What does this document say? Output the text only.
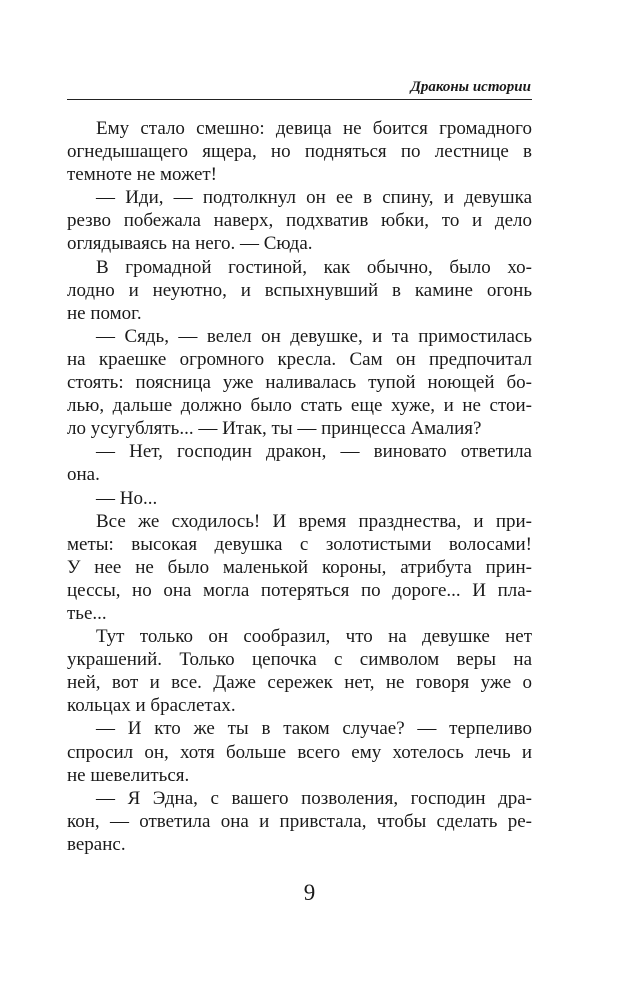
Драконы истории
Ему стало смешно: девица не боится громадного
огнедышащего ящера, но подняться по лестнице в
темноте не может!
— Иди, — подтолкнул он ее в спину, и девушка
резво побежала наверх, подхватив юбки, то и дело
оглядываясь на него. — Сюда.
В громадной гостиной, как обычно, было хо-
лодно и неуютно, и вспыхнувший в камине огонь
не помог.
— Сядь, — велел он девушке, и та примостилась
на краешке огромного кресла. Сам он предпочитал
стоять: поясница уже наливалась тупой ноющей бо-
лью, дальше должно было стать еще хуже, и не стои-
ло усугублять... — Итак, ты — принцесса Амалия?
— Нет, господин дракон, — виновато ответила
она.
— Но...
Все же сходилось! И время празднества, и при-
меты: высокая девушка с золотистыми волосами!
У нее не было маленькой короны, атрибута прин-
цессы, но она могла потеряться по дороге... И пла-
тье...
Тут только он сообразил, что на девушке нет
украшений. Только цепочка с символом веры на
ней, вот и все. Даже сережек нет, не говоря уже о
кольцах и браслетах.
— И кто же ты в таком случае? — терпеливо
спросил он, хотя больше всего ему хотелось лечь и
не шевелиться.
— Я Эдна, с вашего позволения, господин дра-
кон, — ответила она и привстала, чтобы сделать ре-
веранс.
9
